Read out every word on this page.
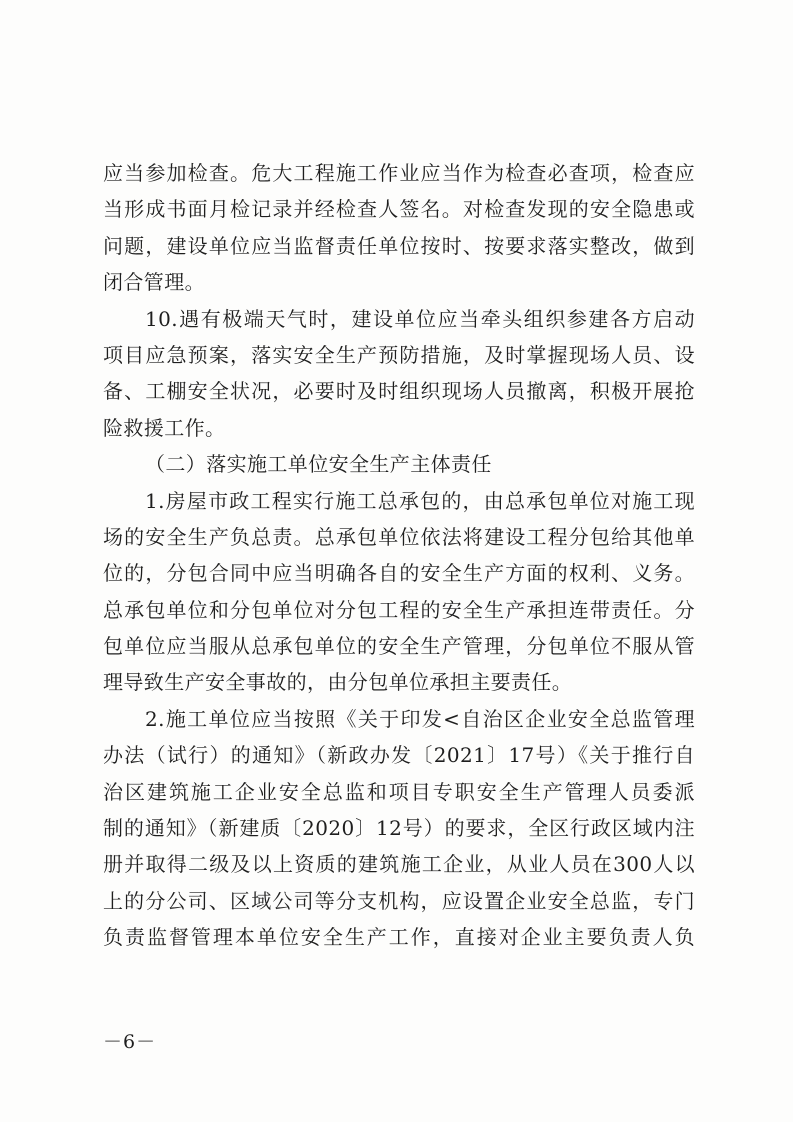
应当参加检查。危大工程施工作业应当作为检查必查项，检查应
当形成书面月检记录并经检查人签名。对检查发现的安全隐患或
问题，建设单位应当监督责任单位按时、按要求落实整改，做到
闭合管理。
10.遇有极端天气时，建设单位应当牵头组织参建各方启动
项目应急预案，落实安全生产预防措施，及时掌握现场人员、设
备、工棚安全状况，必要时及时组织现场人员撤离，积极开展抢
险救援工作。
（二）落实施工单位安全生产主体责任
1.房屋市政工程实行施工总承包的，由总承包单位对施工现
场的安全生产负总责。总承包单位依法将建设工程分包给其他单
位的，分包合同中应当明确各自的安全生产方面的权利、义务。
总承包单位和分包单位对分包工程的安全生产承担连带责任。分
包单位应当服从总承包单位的安全生产管理，分包单位不服从管
理导致生产安全事故的，由分包单位承担主要责任。
2.施工单位应当按照《关于印发<自治区企业安全总监管理
办法（试行）的通知》（新政办发〔2021〕17号）《关于推行自
治区建筑施工企业安全总监和项目专职安全生产管理人员委派
制的通知》（新建质〔2020〕12号）的要求，全区行政区域内注
册并取得二级及以上资质的建筑施工企业，从业人员在300人以
上的分公司、区域公司等分支机构，应设置企业安全总监，专门
负责监督管理本单位安全生产工作，直接对企业主要负责人负
－6－
